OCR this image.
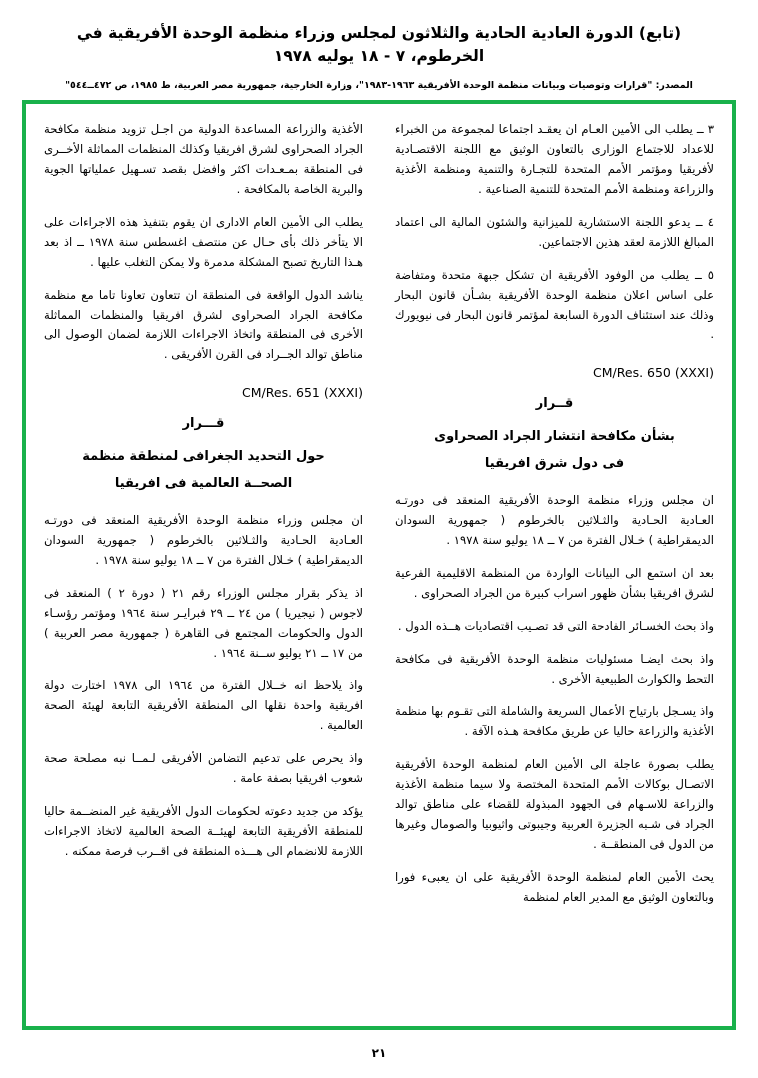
(تابع) الدورة العادية الحادية والثلاثون لمجلس وزراء منظمة الوحدة الأفريقية في الخرطوم، ٧ - ١٨ يوليه ١٩٧٨
المصدر: "قرارات وتوصيات وبيانات منظمة الوحدة الأفريقية ١٩٦٣-١٩٨٣"، وزارة الخارجية، جمهورية مصر العربية، ط ١٩٨٥، ص ٤٧٢ــ٥٤٤"

٣ ــ يطلب الى الأمين العـام ان يعقـد اجتماعا لمجموعة من الخبراء للاعداد للاجتماع الوزارى بالتعاون الوثيق مع اللجنة الاقتصـادية لأفريقيا ومؤتمر الأمم المتحدة للتجـارة والتنمية ومنظمة الأغذية والزراعة ومنظمة الأمم المتحدة للتنمية الصناعية .

٤ ــ يدعو اللجنة الاستشارية للميزانية والشئون المالية الى اعتماد المبالغ اللازمة لعقد هذين الاجتماعين.

٥ ــ يطلب من الوفود الأفريقية ان تشكل جبهة متحدة ومتفاضة على اساس اعلان منظمة الوحدة الأفريقية بشـأن قانون البحار وذلك عند استئناف الدورة السابعة لمؤتمر قانون البحار فى نيويورك .

CM/Res. 650 (XXXI)
قــرار
بشأن مكافحة انتشار الجراد الصحراوى
فى دول شرق افريقيا

ان مجلس وزراء منظمة الوحدة الأفريقية المنعقد فى دورتـه العـادية الحـادية والثـلاثين بالخرطوم ( جمهورية السودان الديمقراطية ) خـلال الفترة من ٧ ــ ١٨ يوليو سنة ١٩٧٨ .

بعد ان استمع الى البيانات الواردة من المنظمة الاقليمية الفرعية لشرق افريقيا بشأن ظهور اسراب كبيرة من الجراد الصحراوى .

واذ بحث الخسـائر الفادحة التى قد تصـيب اقتصاديات هــذه الدول .

واذ بحث ايضـا مسئوليات منظمة الوحدة الأفريقية فى مكافحة التحط والكوارث الطبيعية الأخرى .

واذ يسـجل بارتياح الأعمال السريعة والشاملة التى تقـوم بها منظمة الأغذية والزراعة حاليا عن طريق مكافحة هـذه الآفة .

يطلب بصورة عاجلة الى الأمين العام لمنظمة الوحدة الأفريقية الاتصـال بوكالات الأمم المتحدة المختصة ولا سيما منظمة الأغذية والزراعة للاسـهام فى الجهود المبذولة للقضاء على مناطق توالد الجراد فى شـبه الجزيرة العربية وجيبوتى واثيوبيا والصومال وغيرها من الدول فى المنطقــة .

يحث الأمين العام لمنظمة الوحدة الأفريقية على ان يعبىء فورا وبالتعاون الوثيق مع المدير العام لمنظمة

الأغذية والزراعة المساعدة الدولية من اجـل تزويد منظمة مكافحة الجراد الصحراوى لشرق افريقيا وكذلك المنظمات المماثلة الأخــرى فى المنطقة بمـعـدات اكثر وافضل بقصد تسـهيل عملياتها الجوية والبرية الخاصة بالمكافحة .

يطلب الى الأمين العام الادارى ان يقوم بتنفيذ هذه الاجراءات على الا يتأخر ذلك بأى حـال عن منتصف اغسطس سنة ١٩٧٨ ــ اذ بعد هـذا التاريخ تصبح المشكلة مدمرة ولا يمكن التغلب عليها .

يناشد الدول الواقعة فى المنطقة ان تتعاون تعاونا تاما مع منظمة مكافحة الجراد الصحراوى لشرق افريقيا والمنظمات المماثلة الأخرى فى المنطقة واتخاذ الاجراءات اللازمة لضمان الوصول الى مناطق توالد الجــراد فى القرن الأفريقى .

CM/Res. 651 (XXXI)
قـــرار
حول التحديد الجغرافى لمنطقة منظمة
الصحــة العالمية فى افريقيا

ان مجلس وزراء منظمة الوحدة الأفريقية المنعقد فى دورتـه العـادية الحـادية والثـلاثين بالخرطوم ( جمهورية السودان الديمقراطية ) خـلال الفترة من ٧ ــ ١٨ يوليو سنة ١٩٧٨ .

اذ يذكر بقرار مجلس الوزراء رقم ٢١ ( دورة ٢ ) المنعقد فى لاجوس ( نيجيريا ) من ٢٤ ــ ٢٩ فبرايـر سنة ١٩٦٤ ومؤتمر رؤسـاء الدول والحكومات المجتمع فى القاهرة ( جمهورية مصر العربية ) من ١٧ ــ ٢١ يوليو ســنة ١٩٦٤ .

واذ يلاحظ انه خــلال الفترة من ١٩٦٤ الى ١٩٧٨ اختارت دولة افريقية واحدة نقلها الى المنطقة الأفريقية التابعة لهيئة الصحة العالمية .

واذ يحرص على تدعيم التضامن الأفريقى لـمــا نبه مصلحة صحة شعوب افريقيا بصفة عامة .

يؤكد من جديد دعوته لحكومات الدول الأفريقية غير المنضــمة حاليا للمنطقة الأفريقية التابعة لهيئــة الصحة العالمية لاتخاذ الاجراءات اللازمة للانضمام الى هـــذه المنطقة فى اقــرب فرصة ممكنه .

٢١
